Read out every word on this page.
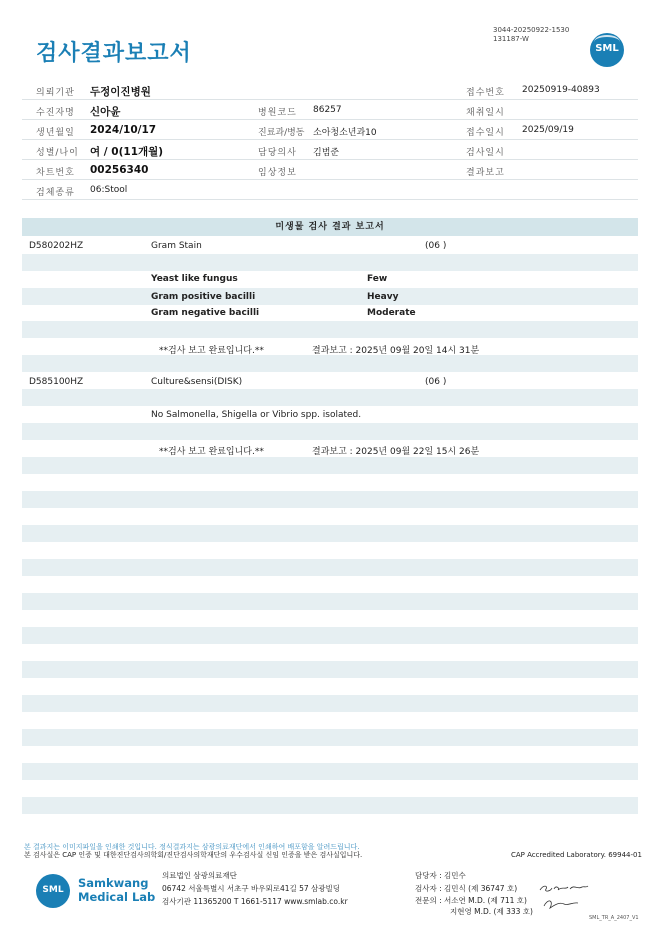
검사결과보고서
3044-20250922-1530
131187-W
SML
의뢰기관 두정이진병원	접수번호 20250919-40893
수진자명 신아윤	병원코드 86257	채취일시
생년월일 2024/10/17	진료과/병동 소아청소년과10	접수일시 2025/09/19
성별/나이 여 / 0(11개월)	담당의사 김범준	검사일시
차트번호 00256340	임상정보	결과보고
검체종류 06:Stool
미생물 검사 결과 보고서
D580202HZ	Gram Stain	(06 )
Yeast like fungus	Few
Gram positive bacilli	Heavy
Gram negative bacilli	Moderate
**검사 보고 완료입니다.**	결과보고 : 2025년 09월 20일 14시 31분
D585100HZ	Culture&sensi(DISK)	(06 )
No Salmonella, Shigella or Vibrio spp. isolated.
**검사 보고 완료입니다.**	결과보고 : 2025년 09월 22일 15시 26분
본 결과지는 이미지파일을 인쇄한 것입니다. 정식결과지는 삼광의료재단에서 인쇄하여 배포함을 알려드립니다.
본 검사실은 CAP 인증 및 대한진단검사의학회/진단검사의학재단의 우수검사실 신임 인증을 받은 검사실입니다.	CAP Accredited Laboratory. 69944-01
SML	Samkwang
Medical Lab
의료법인 삼광의료재단
06742 서울특별시 서초구 바우뫼로41길 57 삼광빌딩
검사기관 11365200 T 1661-5117 www.smlab.co.kr
담당자 : 김민수
검사자 : 김민식 (제 36747 호)
전문의 : 서소연 M.D. (제 711 호)
지현영 M.D. (제 333 호)
SML_TR_A_2407_V1
